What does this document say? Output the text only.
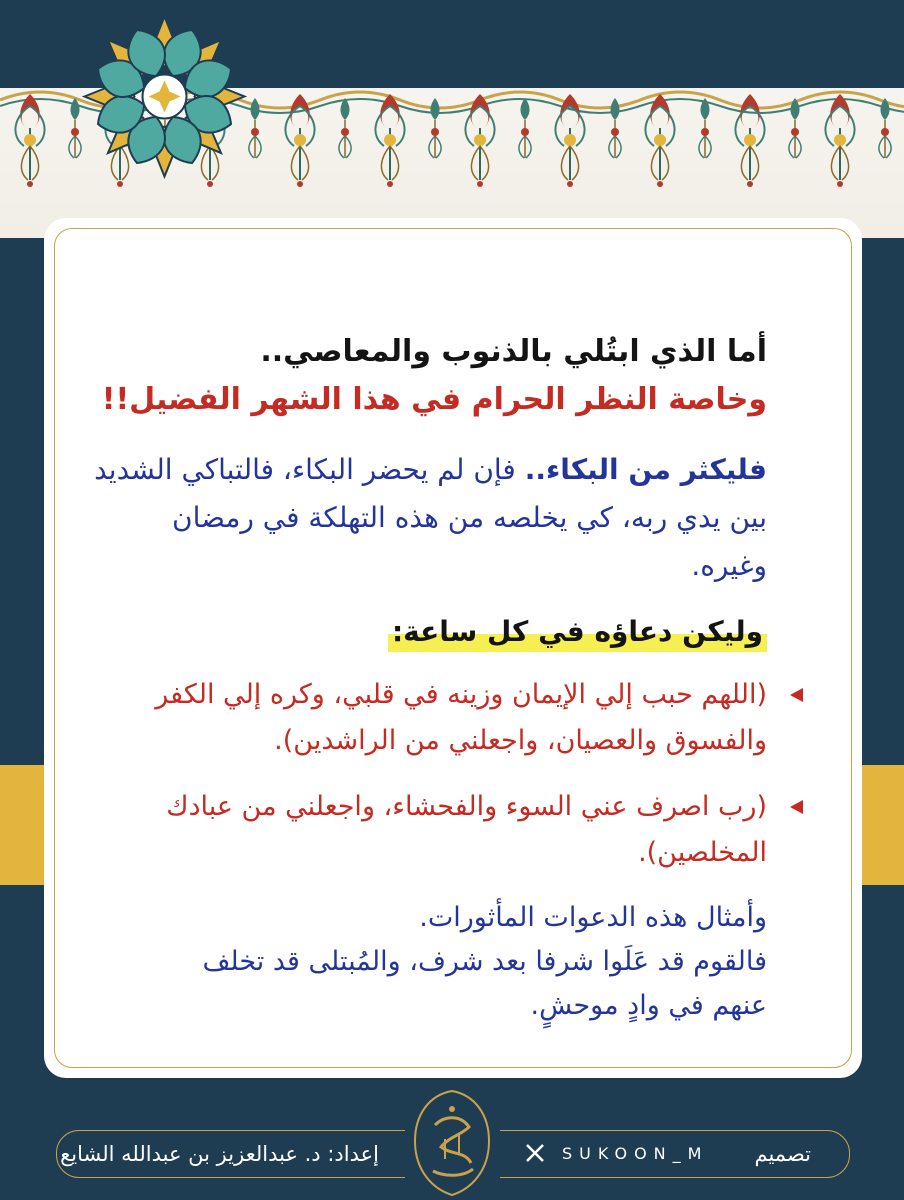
أما الذي ابتُلي بالذنوب والمعاصي..

وخاصة النظر الحرام في هذا الشهر الفضيل!!

فليكثر من البكاء.. فإن لم يحضر البكاء، فالتباكي الشديد

بين يدي ربه، كي يخلصه من هذه التهلكة في رمضان

وغيره.

وليكن دعاؤه في كل ساعة:

(اللهم حبب إلي الإيمان وزينه في قلبي، وكره إلي الكفر

والفسوق والعصيان، واجعلني من الراشدين).

(رب اصرف عني السوء والفحشاء، واجعلني من عبادك

المخلصين).

وأمثال هذه الدعوات المأثورات.

فالقوم قد عَلَوا شرفا بعد شرف، والمُبتلى قد تخلف

عنهم في وادٍ موحشٍ.

تصميم
SUKOON_M
إعداد: د. عبدالعزيز بن عبدالله الشايع
